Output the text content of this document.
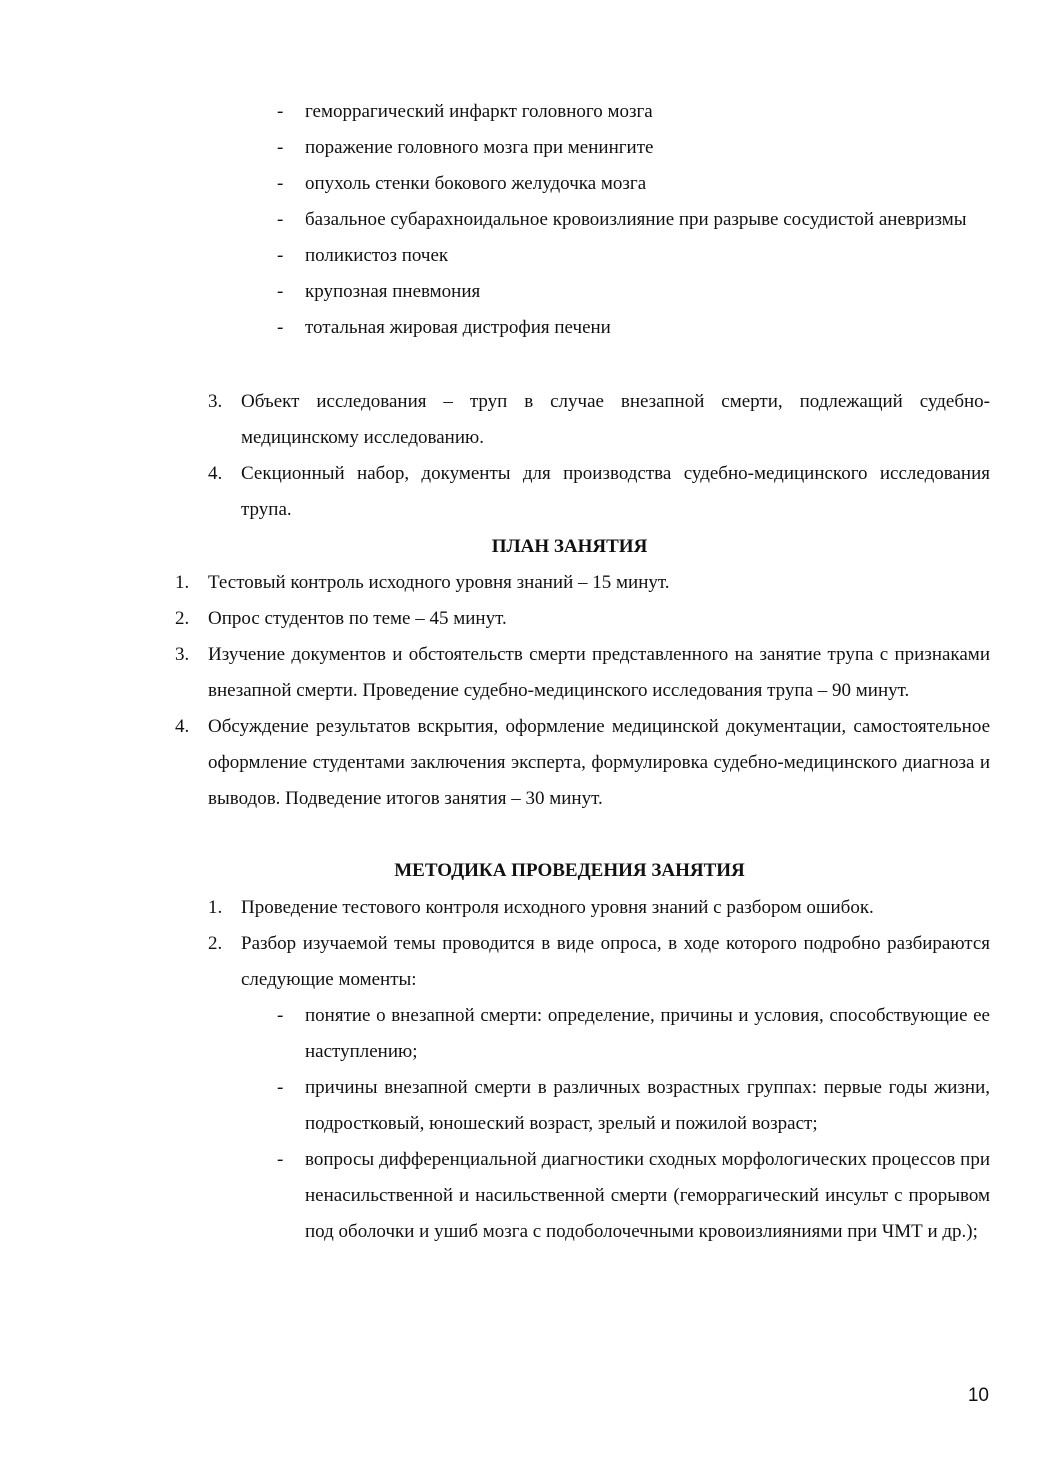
-	геморрагический инфаркт головного мозга
-	поражение головного мозга при менингите
-	опухоль стенки бокового желудочка мозга
-	базальное субарахноидальное кровоизлияние при разрыве сосудистой аневризмы
-	поликистоз почек
-	крупозная пневмония
-	тотальная жировая дистрофия печени
3. Объект исследования – труп в случае внезапной смерти, подлежащий судебно-медицинскому исследованию.
4. Секционный набор, документы для производства судебно-медицинского исследования трупа.
ПЛАН ЗАНЯТИЯ
1. Тестовый контроль исходного уровня знаний – 15 минут.
2. Опрос студентов по теме – 45 минут.
3. Изучение документов и обстоятельств смерти представленного на занятие трупа с признаками внезапной смерти. Проведение судебно-медицинского исследования трупа – 90 минут.
4. Обсуждение результатов вскрытия, оформление медицинской документации, самостоятельное оформление студентами заключения эксперта, формулировка судебно-медицинского диагноза и выводов. Подведение итогов занятия – 30 минут.
МЕТОДИКА ПРОВЕДЕНИЯ ЗАНЯТИЯ
1. Проведение тестового контроля исходного уровня знаний с разбором ошибок.
2. Разбор изучаемой темы проводится в виде опроса, в ходе которого подробно разбираются следующие моменты:
-	понятие о внезапной смерти: определение, причины и условия, способствующие ее наступлению;
-	причины внезапной смерти в различных возрастных группах: первые годы жизни, подростковый, юношеский возраст, зрелый и пожилой возраст;
-	вопросы дифференциальной диагностики сходных морфологических процессов при ненасильственной и насильственной смерти (геморрагический инсульт с прорывом под оболочки и ушиб мозга с подоболочечными кровоизлияниями при ЧМТ и др.);
10
